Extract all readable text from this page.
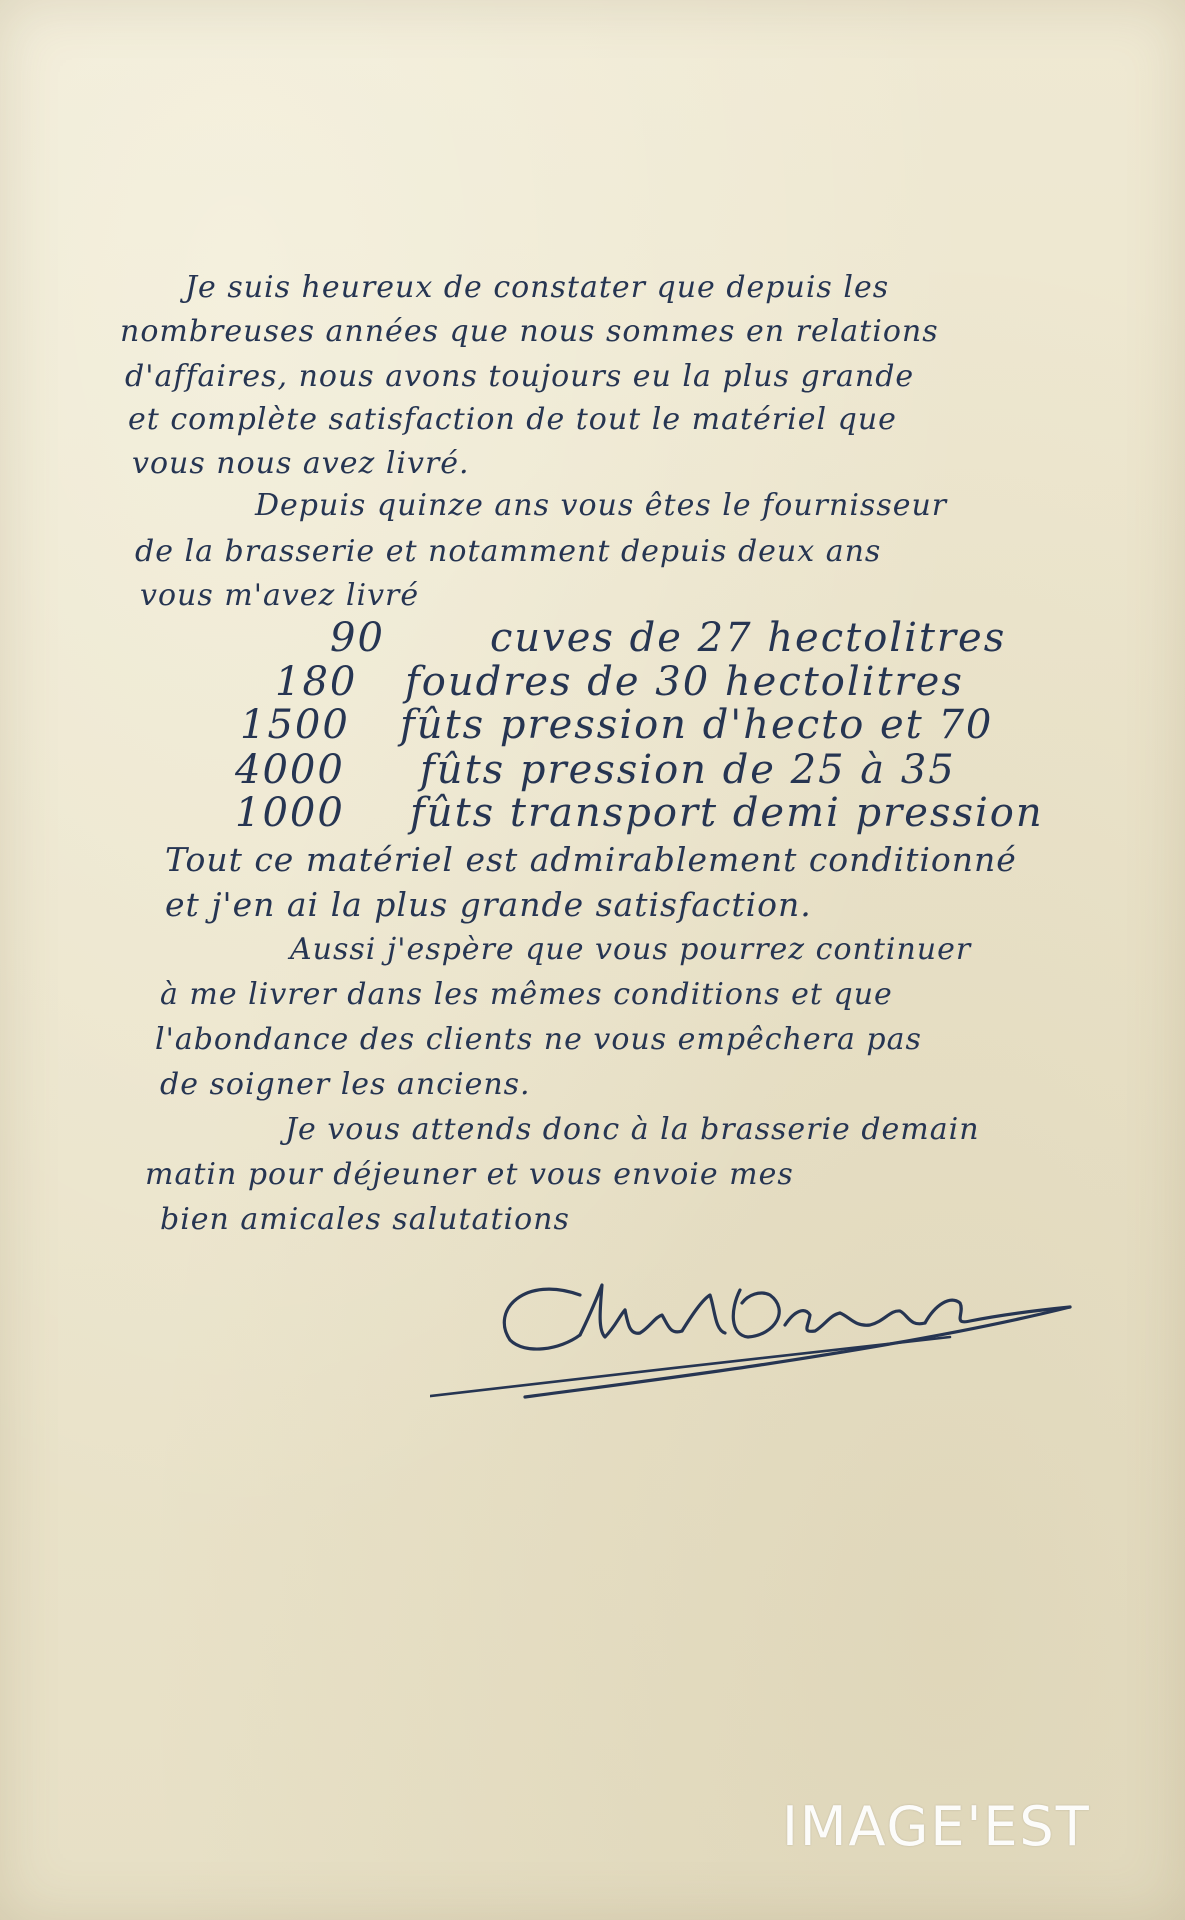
Je suis heureux de constater que depuis les
nombreuses années que nous sommes en relations
d'affaires, nous avons toujours eu la plus grande
et complète satisfaction de tout le matériel que
vous nous avez livré.
Depuis quinze ans vous êtes le fournisseur
de la brasserie et notamment depuis deux ans
vous m'avez livré
90	cuves de 27 hectolitres
180 foudres de 30 hectolitres
1500 fûts pression d'hecto et 70
4000 fûts pression de 25 à 35
1000 fûts transport demi pression
Tout ce matériel est admirablement conditionné
et j'en ai la plus grande satisfaction.
Aussi j'espère que vous pourrez continuer
à me livrer dans les mêmes conditions et que
l'abondance des clients ne vous empêchera pas
de soigner les anciens.
Je vous attends donc à la brasserie demain
matin pour déjeuner et vous envoie mes
bien amicales salutations
IMAGE'EST
